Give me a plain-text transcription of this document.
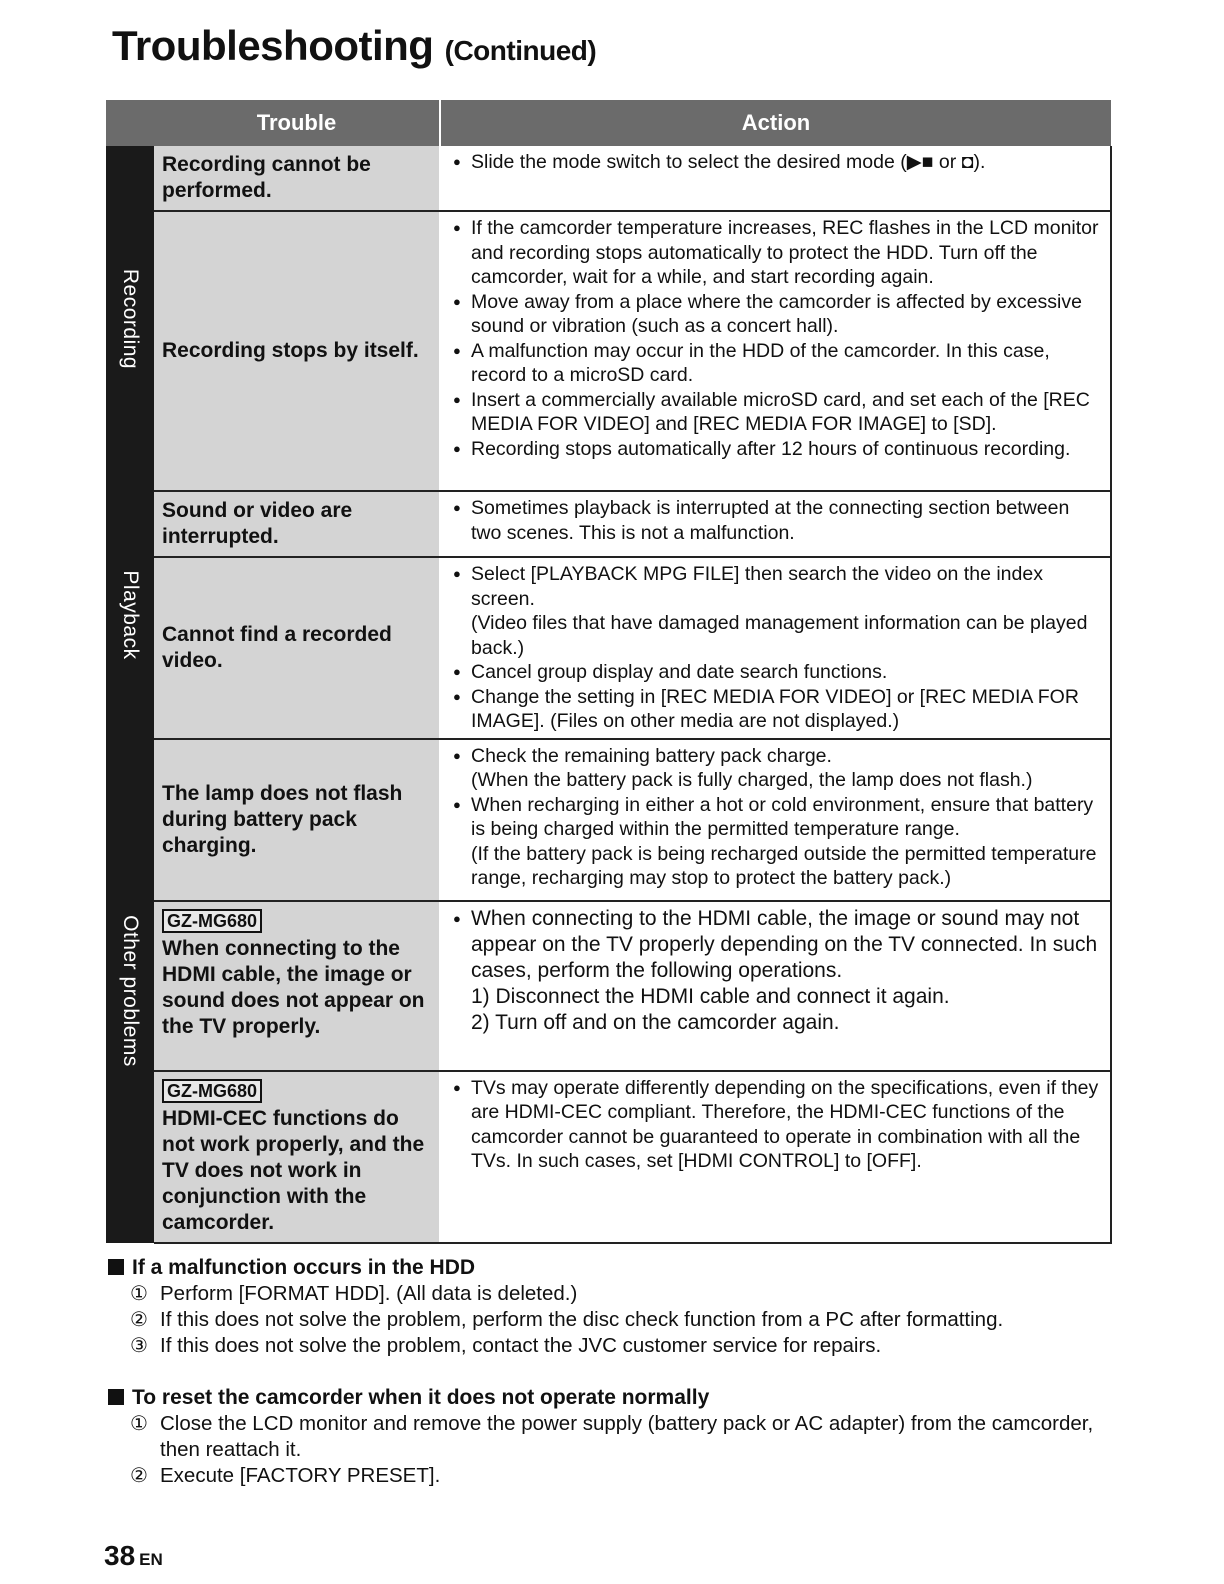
Troubleshooting (Continued)
	Trouble	Action

Recording	Recording cannot be performed.	● Slide the mode switch to select the desired mode (▶■ or ◘).

	Recording stops by itself.	● If the camcorder temperature increases, REC flashes in the LCD monitor and recording stops automatically to protect the HDD. Turn off the camcorder, wait for a while, and start recording again.
● Move away from a place where the camcorder is affected by excessive sound or vibration (such as a concert hall).
● A malfunction may occur in the HDD of the camcorder. In this case, record to a microSD card.
● Insert a commercially available microSD card, and set each of the [REC MEDIA FOR VIDEO] and [REC MEDIA FOR IMAGE] to [SD].
● Recording stops automatically after 12 hours of continuous recording.

Playback	Sound or video are interrupted.	● Sometimes playback is interrupted at the connecting section between two scenes. This is not a malfunction.

	Cannot find a recorded video.	● Select [PLAYBACK MPG FILE] then search the video on the index screen.
(Video files that have damaged management information can be played back.)
● Cancel group display and date search functions.
● Change the setting in [REC MEDIA FOR VIDEO] or [REC MEDIA FOR IMAGE]. (Files on other media are not displayed.)

Other problems	The lamp does not flash during battery pack charging.	● Check the remaining battery pack charge.
(When the battery pack is fully charged, the lamp does not flash.)
● When recharging in either a hot or cold environment, ensure that battery is being charged within the permitted temperature range.
(If the battery pack is being recharged outside the permitted temperature range, recharging may stop to protect the battery pack.)

	GZ-MG680
When connecting to the HDMI cable, the image or sound does not appear on the TV properly.	● When connecting to the HDMI cable, the image or sound may not appear on the TV properly depending on the TV connected. In such cases, perform the following operations.
1) Disconnect the HDMI cable and connect it again.
2) Turn off and on the camcorder again.

	GZ-MG680
HDMI-CEC functions do not work properly, and the TV does not work in conjunction with the camcorder.	● TVs may operate differently depending on the specifications, even if they are HDMI-CEC compliant. Therefore, the HDMI-CEC functions of the camcorder cannot be guaranteed to operate in combination with all the TVs. In such cases, set [HDMI CONTROL] to [OFF].

If a malfunction occurs in the HDD

① Perform [FORMAT HDD]. (All data is deleted.)
② If this does not solve the problem, perform the disc check function from a PC after formatting.
③ If this does not solve the problem, contact the JVC customer service for repairs.

To reset the camcorder when it does not operate normally

① Close the LCD monitor and remove the power supply (battery pack or AC adapter) from the camcorder, then reattach it.
② Execute [FACTORY PRESET].
38 EN
